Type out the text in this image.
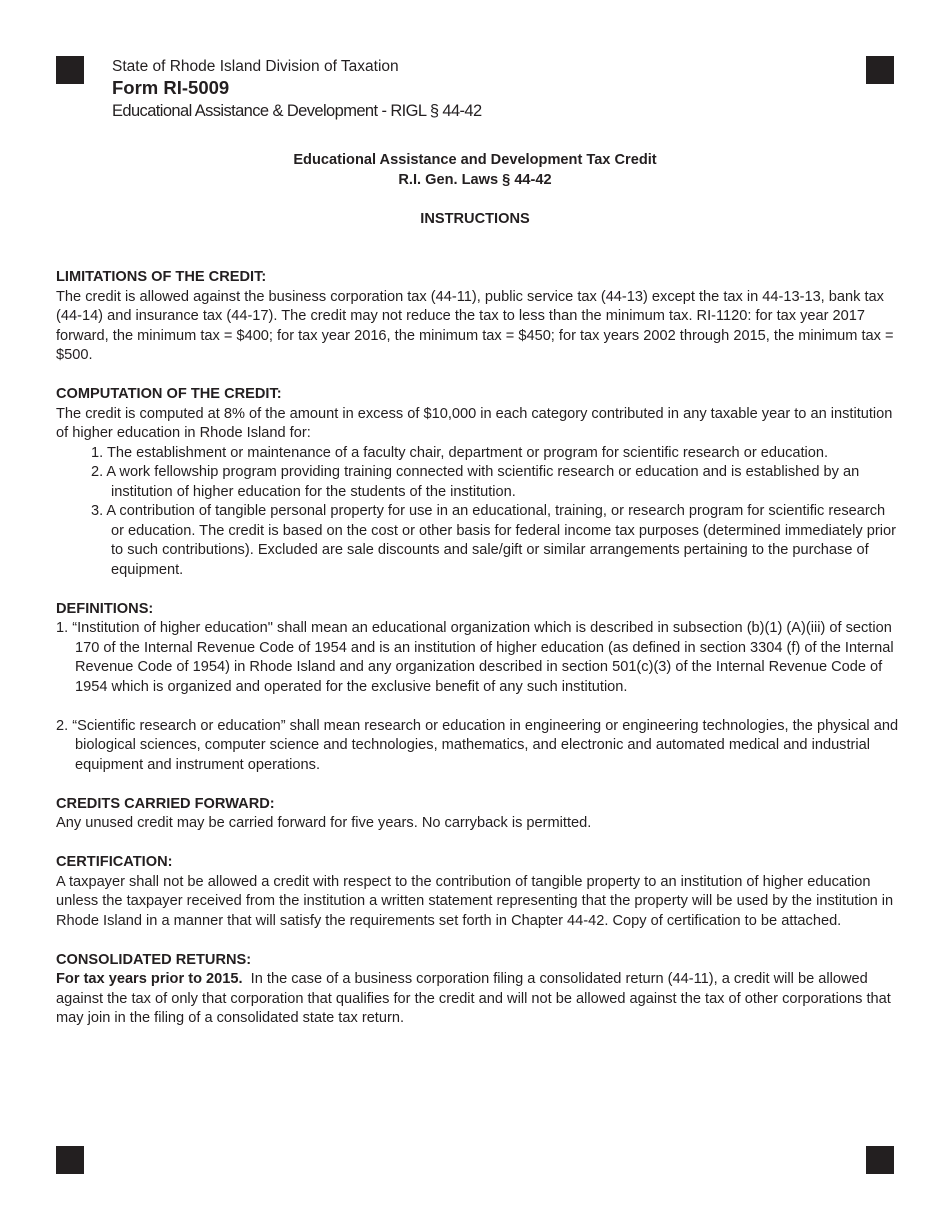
State of Rhode Island Division of Taxation
Form RI-5009
Educational Assistance & Development - RIGL § 44-42
Educational Assistance and Development Tax Credit
R.I. Gen. Laws § 44-42
INSTRUCTIONS
LIMITATIONS OF THE CREDIT:
The credit is allowed against the business corporation tax (44-11), public service tax (44-13) except the tax in 44-13-13, bank tax (44-14) and insurance tax (44-17). The credit may not reduce the tax to less than the minimum tax. RI-1120: for tax year 2017 forward, the minimum tax = $400; for tax year 2016, the minimum tax = $450; for tax years 2002 through 2015, the minimum tax = $500.
COMPUTATION OF THE CREDIT:
The credit is computed at 8% of the amount in excess of $10,000 in each category contributed in any taxable year to an institution of higher education in Rhode Island for:
1. The establishment or maintenance of a faculty chair, department or program for scientific research or education.
2. A work fellowship program providing training connected with scientific research or education and is established by an institution of higher education for the students of the institution.
3. A contribution of tangible personal property for use in an educational, training, or research program for scientific research or education. The credit is based on the cost or other basis for federal income tax purposes (determined immediately prior to such contributions). Excluded are sale discounts and sale/gift or similar arrangements pertaining to the purchase of equipment.
DEFINITIONS:
1. “Institution of higher education" shall mean an educational organization which is described in subsection (b)(1) (A)(iii) of section 170 of the Internal Revenue Code of 1954 and is an institution of higher education (as defined in section 3304 (f) of the Internal Revenue Code of 1954) in Rhode Island and any organization described in section 501(c)(3) of the Internal Revenue Code of 1954 which is organized and operated for the exclusive benefit of any such institution.
2. “Scientific research or education” shall mean research or education in engineering or engineering technologies, the physical and biological sciences, computer science and technologies, mathematics, and electronic and automated medical and industrial equipment and instrument operations.
CREDITS CARRIED FORWARD:
Any unused credit may be carried forward for five years. No carryback is permitted.
CERTIFICATION:
A taxpayer shall not be allowed a credit with respect to the contribution of tangible property to an institution of higher education unless the taxpayer received from the institution a written statement representing that the property will be used by the institution in Rhode Island in a manner that will satisfy the requirements set forth in Chapter 44-42. Copy of certification to be attached.
CONSOLIDATED RETURNS:
For tax years prior to 2015.  In the case of a business corporation filing a consolidated return (44-11), a credit will be allowed against the tax of only that corporation that qualifies for the credit and will not be allowed against the tax of other corporations that may join in the filing of a consolidated state tax return.
